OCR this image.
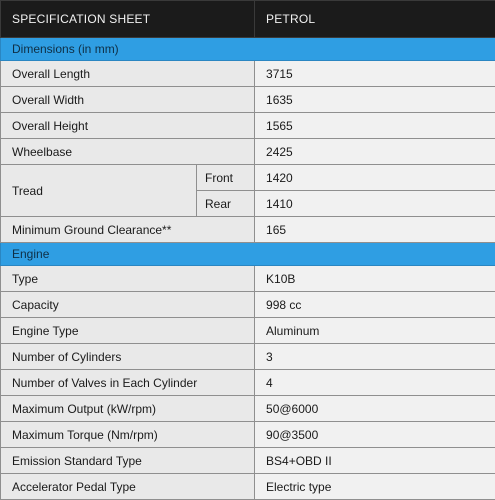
SPECIFICATION SHEET		PETROL
Dimensions (in mm)		
Overall Length		3715
Overall Width		1635
Overall Height		1565
Wheelbase		2425
Tread	Front	1420
	Rear	1410
Minimum Ground Clearance**		165
Engine		
Type		K10B
Capacity		998 cc
Engine Type		Aluminum
Number of Cylinders		3
Number of Valves in Each Cylinder		4
Maximum Output (kW/rpm)		50@6000
Maximum Torque (Nm/rpm)		90@3500
Emission Standard Type		BS4+OBD II
Accelerator Pedal Type		Electric type
